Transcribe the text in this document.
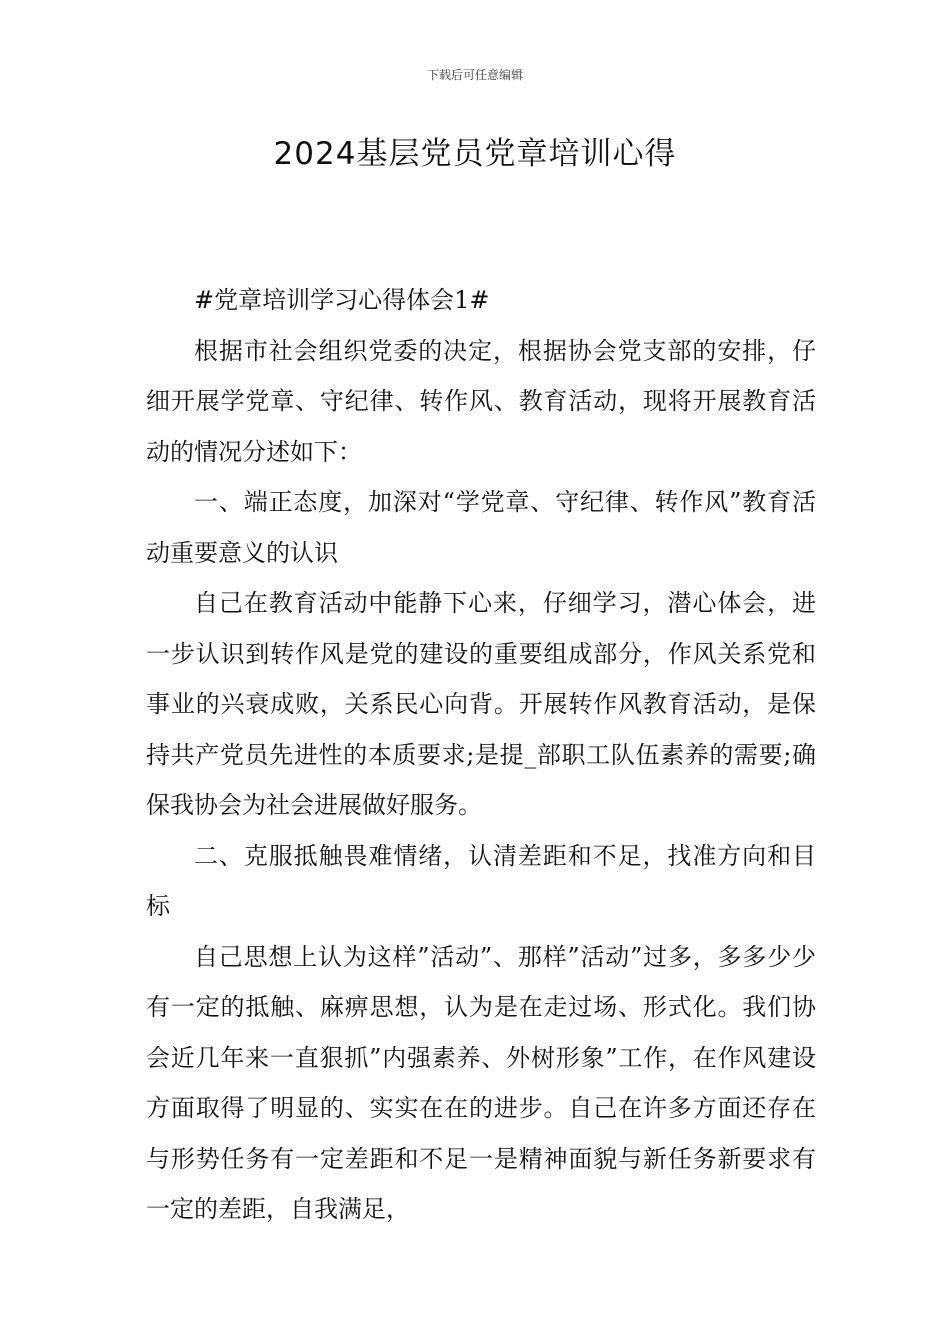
下载后可任意编辑
2024基层党员党章培训心得

#党章培训学习心得体会1#

根据市社会组织党委的决定，根据协会党支部的安排，仔细开展学党章、守纪律、转作风、教育活动，现将开展教育活动的情况分述如下：

一、端正态度，加深对“学党章、守纪律、转作风”教育活动重要意义的认识

自己在教育活动中能静下心来，仔细学习，潜心体会，进一步认识到转作风是党的建设的重要组成部分，作风关系党和事业的兴衰成败，关系民心向背。开展转作风教育活动，是保持共产党员先进性的本质要求;是提_部职工队伍素养的需要;确保我协会为社会进展做好服务。

二、克服抵触畏难情绪，认清差距和不足，找准方向和目标

自己思想上认为这样”活动”、那样”活动”过多，多多少少有一定的抵触、麻痹思想，认为是在走过场、形式化。我们协会近几年来一直狠抓”内强素养、外树形象”工作，在作风建设方面取得了明显的、实实在在的进步。自己在许多方面还存在与形势任务有一定差距和不足一是精神面貌与新任务新要求有一定的差距，自我满足，
